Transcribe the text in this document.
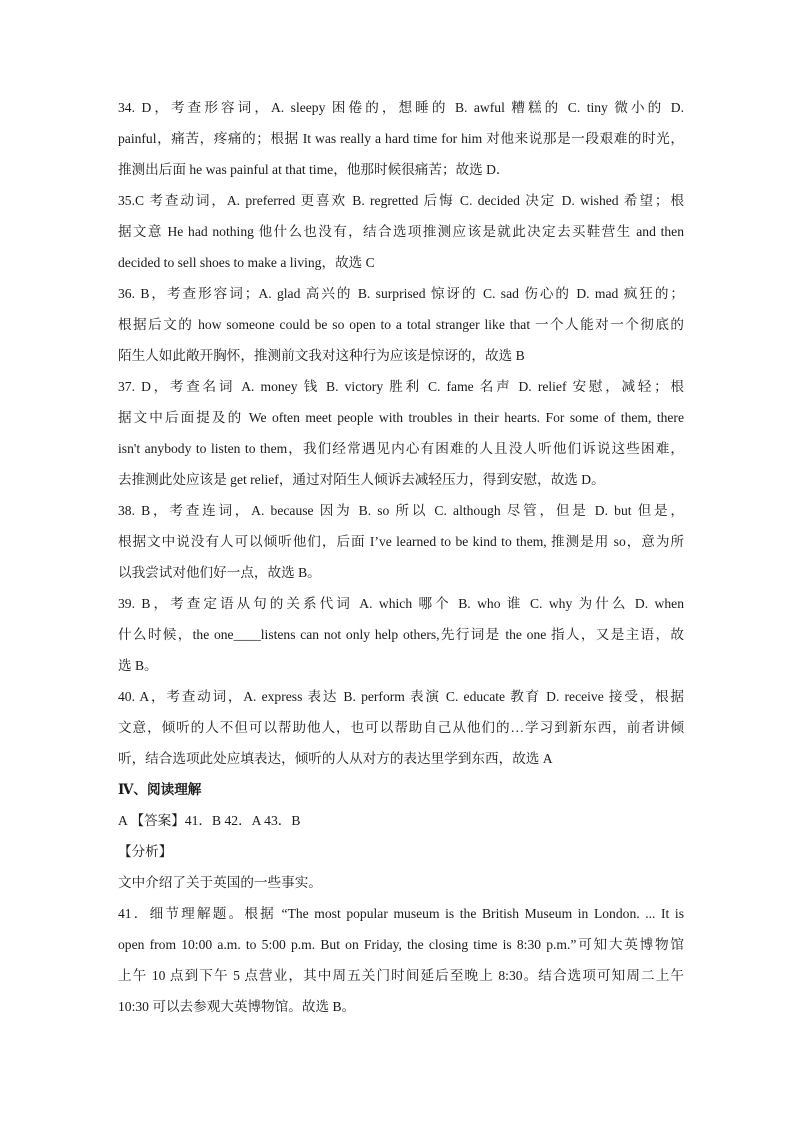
34. D，考查形容词，A. sleepy 困倦的，想睡的 B. awful 糟糕的 C. tiny 微小的 D.
painful，痛苦，疼痛的；根据 It was really a hard time for him 对他来说那是一段艰难的时光，
推测出后面 he was painful at that time，他那时候很痛苦；故选 D．
35.C 考查动词，A. preferred 更喜欢 B. regretted 后悔 C. decided 决定 D. wished 希望；根
据文意 He had nothing 他什么也没有，结合选项推测应该是就此决定去买鞋营生 and then
decided to sell shoes to make a living，故选 C
36. B，考查形容词；A. glad 高兴的 B. surprised 惊讶的 C. sad 伤心的 D. mad 疯狂的；
根据后文的 how someone could be so open to a total stranger like that 一个人能对一个彻底的
陌生人如此敞开胸怀，推测前文我对这种行为应该是惊讶的，故选 B
37. D，考查名词 A. money 钱 B. victory 胜利 C. fame 名声 D. relief 安慰，减轻；根
据文中后面提及的 We often meet people with troubles in their hearts. For some of them, there
isn't anybody to listen to them，我们经常遇见内心有困难的人且没人听他们诉说这些困难，
去推测此处应该是 get relief，通过对陌生人倾诉去减轻压力，得到安慰，故选 D。
38. B，考查连词，A. because 因为 B. so 所以 C. although 尽管，但是 D. but 但是，
根据文中说没有人可以倾听他们，后面 I’ve learned to be kind to them, 推测是用 so，意为所
以我尝试对他们好一点，故选 B。
39. B，考查定语从句的关系代词 A. which 哪个 B. who 谁 C. why 为什么 D. when
什么时候，the one____listens can not only help others,先行词是 the one 指人，又是主语，故
选 B。
40. A，考查动词，A. express 表达 B. perform 表演 C. educate 教育 D. receive 接受，根据
文意，倾听的人不但可以帮助他人，也可以帮助自己从他们的…学习到新东西，前者讲倾
听，结合选项此处应填表达，倾听的人从对方的表达里学到东西，故选 A
Ⅳ、阅读理解
A 【答案】41．B 42．A 43．B
【分析】
文中介绍了关于英国的一些事实。
41．细节理解题。根据 “The most popular museum is the British Museum in London. ... It is
open from 10:00 a.m. to 5:00 p.m. But on Friday, the closing time is 8:30 p.m.”可知大英博物馆
上午 10 点到下午 5 点营业，其中周五关门时间延后至晚上 8:30。结合选项可知周二上午
10:30 可以去参观大英博物馆。故选 B。
